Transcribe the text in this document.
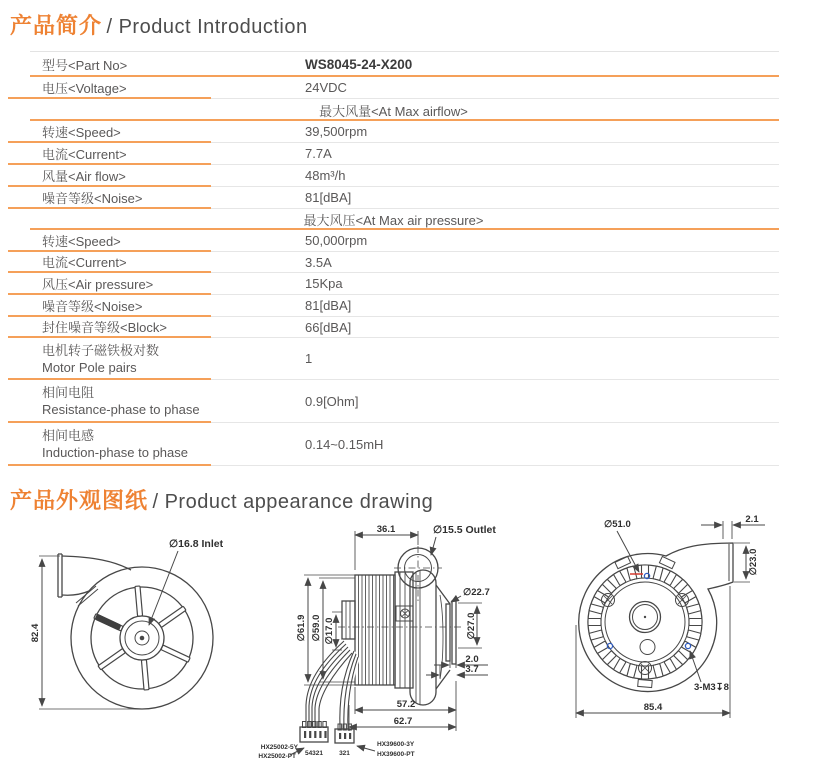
产品简介 / Product Introduction
型号<Part No>	WS8045-24-X200
电压<Voltage>	24VDC
最大风量<At Max airflow>
转速<Speed>	39,500rpm
电流<Current>	7.7A
风量<Air flow>	48m³/h
噪音等级<Noise>	81[dBA]
最大风压<At Max air pressure>
转速<Speed>	50,000rpm
电流<Current>	3.5A
风压<Air pressure>	15Kpa
噪音等级<Noise>	81[dBA]
封住噪音等级<Block>	66[dBA]
电机转子磁铁极对数
Motor Pole pairs
1
相间电阻
Resistance-phase to phase
0.9[Ohm]
相间电感
Induction-phase to phase
0.14~0.15mH
产品外观图纸 / Product appearance drawing
82.4
∅16.8 Inlet
54321 321
HX25002-5Y
HX25002-PT
HX39600-3Y
HX39600-PT
36.1	∅15.5 Outlet
∅61.9 ∅59.0 ∅17.0
∅22.7
∅27.0
2.0
3.7
57.2
62.7
∅51.0	2.1
∅23.0
3-M3↧8
85.4
